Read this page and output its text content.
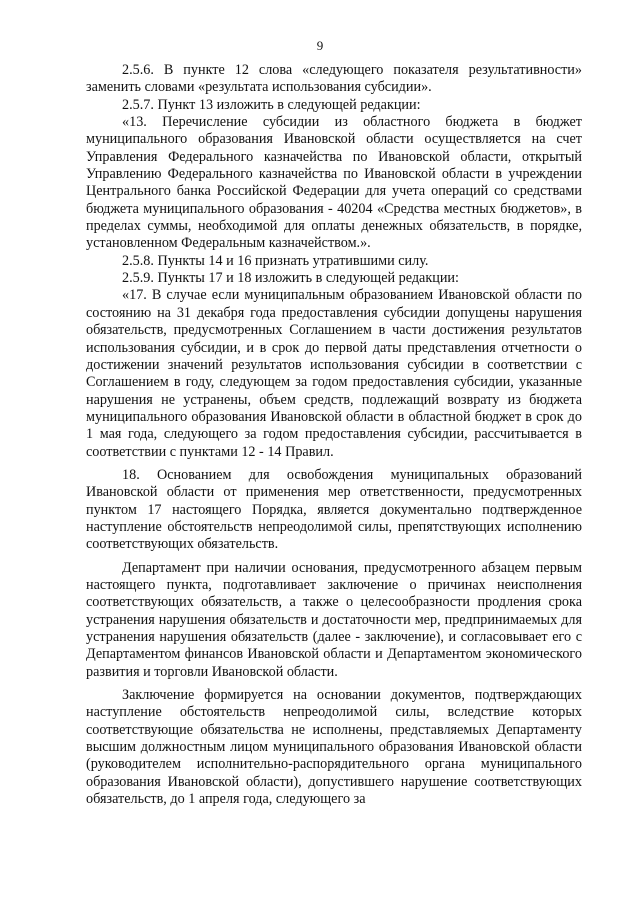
9

2.5.6. В пункте 12 слова «следующего показателя результативности» заменить словами «результата использования субсидии».

2.5.7. Пункт 13 изложить в следующей редакции:

«13. Перечисление субсидии из областного бюджета в бюджет муниципального образования Ивановской области осуществляется на счет Управления Федерального казначейства по Ивановской области, открытый Управлению Федерального казначейства по Ивановской области в учреждении Центрального банка Российской Федерации для учета операций со средствами бюджета муниципального образования - 40204 «Средства местных бюджетов», в пределах суммы, необходимой для оплаты денежных обязательств, в порядке, установленном Федеральным казначейством.».

2.5.8. Пункты 14 и 16 признать утратившими силу.

2.5.9. Пункты 17 и 18 изложить в следующей редакции:

«17. В случае если муниципальным образованием Ивановской области по состоянию на 31 декабря года предоставления субсидии допущены нарушения обязательств, предусмотренных Соглашением в части достижения результатов использования субсидии, и в срок до первой даты представления отчетности о достижении значений результатов использования субсидии в соответствии с Соглашением в году, следующем за годом предоставления субсидии, указанные нарушения не устранены, объем средств, подлежащий возврату из бюджета муниципального образования Ивановской области в областной бюджет в срок до 1 мая года, следующего за годом предоставления субсидии, рассчитывается в соответствии с пунктами 12 - 14 Правил.

18. Основанием для освобождения муниципальных образований Ивановской области от применения мер ответственности, предусмотренных пунктом 17 настоящего Порядка, является документально подтвержденное наступление обстоятельств непреодолимой силы, препятствующих исполнению соответствующих обязательств.

Департамент при наличии основания, предусмотренного абзацем первым настоящего пункта, подготавливает заключение о причинах неисполнения соответствующих обязательств, а также о целесообразности продления срока устранения нарушения обязательств и достаточности мер, предпринимаемых для устранения нарушения обязательств (далее - заключение), и согласовывает его с Департаментом финансов Ивановской области и Департаментом экономического развития и торговли Ивановской области.

Заключение формируется на основании документов, подтверждающих наступление обстоятельств непреодолимой силы, вследствие которых соответствующие обязательства не исполнены, представляемых Департаменту высшим должностным лицом муниципального образования Ивановской области (руководителем исполнительно-распорядительного органа муниципального образования Ивановской области), допустившего нарушение соответствующих обязательств, до 1 апреля года, следующего за
